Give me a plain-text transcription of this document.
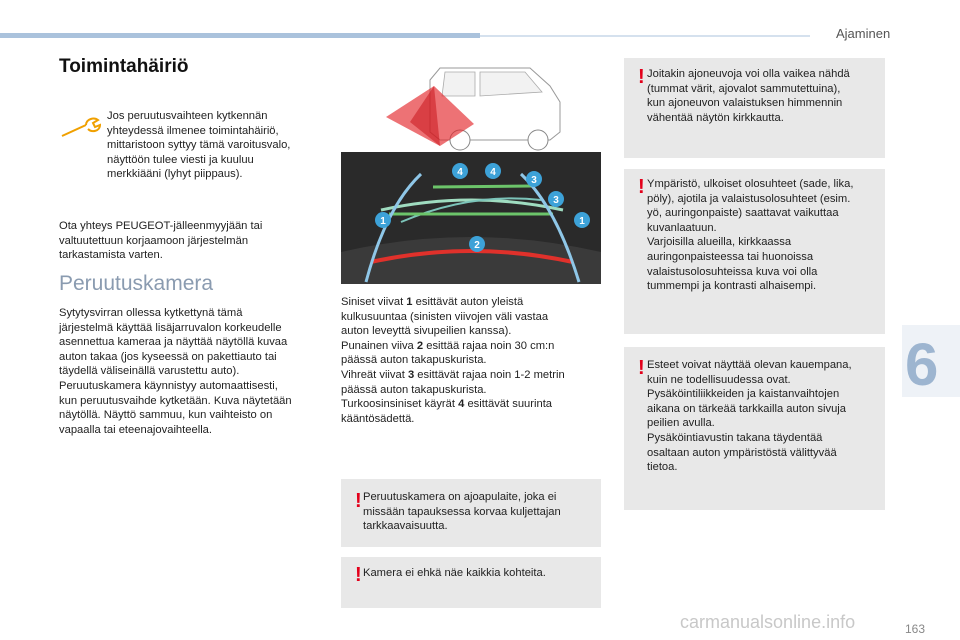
Ajaminen
Toimintahäiriö

Jos peruutusvaihteen kytkennän
yhteydessä ilmenee toimintahäiriö,
mittaristoon syttyy tämä varoitusvalo,
näyttöön tulee viesti ja kuuluu
merkkiääni (lyhyt piippaus).

Ota yhteys PEUGEOT-jälleenmyyjään tai
valtuutettuun korjaamoon järjestelmän
tarkastamista varten.

Peruutuskamera

Sytytysvirran ollessa kytkettynä tämä
järjestelmä käyttää lisäjarruvalon korkeudelle
asennettua kameraa ja näyttää näytöllä kuvaa
auton takaa (jos kyseessä on pakettiauto tai
täydellä väliseinällä varustettu auto).
Peruutuskamera käynnistyy automaattisesti,
kun peruutusvaihde kytketään. Kuva näytetään
näytöllä. Näyttö sammuu, kun vaihteisto on
vapaalla tai eteenajovaihteella.

1	1
2
3
3
4	4

Siniset viivat 1 esittävät auton yleistä
kulkusuuntaa (sinisten viivojen väli vastaa
auton leveyttä sivupeilien kanssa).
Punainen viiva 2 esittää rajaa noin 30 cm:n
päässä auton takapuskurista.
Vihreät viivat 3 esittävät rajaa noin 1-2 metrin
päässä auton takapuskurista.
Turkoosinsiniset käyrät 4 esittävät suurinta
kääntösädettä.

! Peruutuskamera on ajoapulaite, joka ei
missään tapauksessa korvaa kuljettajan
tarkkaavaisuutta.

! Kamera ei ehkä näe kaikkia kohteita.

! Joitakin ajoneuvoja voi olla vaikea nähdä
(tummat värit, ajovalot sammutettuina),
kun ajoneuvon valaistuksen himmennin
vähentää näytön kirkkautta.

! Ympäristö, ulkoiset olosuhteet (sade, lika,
pöly), ajotila ja valaistusolosuhteet (esim.
yö, auringonpaiste) saattavat vaikuttaa
kuvanlaatuun.
Varjoisilla alueilla, kirkkaassa
auringonpaisteessa tai huonoissa
valaistusolosuhteissa kuva voi olla
tummempi ja kontrasti alhaisempi.

! Esteet voivat näyttää olevan kauempana,
kuin ne todellisuudessa ovat.
Pysäköintiliikkeiden ja kaistanvaihtojen
aikana on tärkeää tarkkailla auton sivuja
peilien avulla.
Pysäköintiavustin takana täydentää
osaltaan auton ympäristöstä välittyvää
tietoa.

6
carmanualsonline.info	163
